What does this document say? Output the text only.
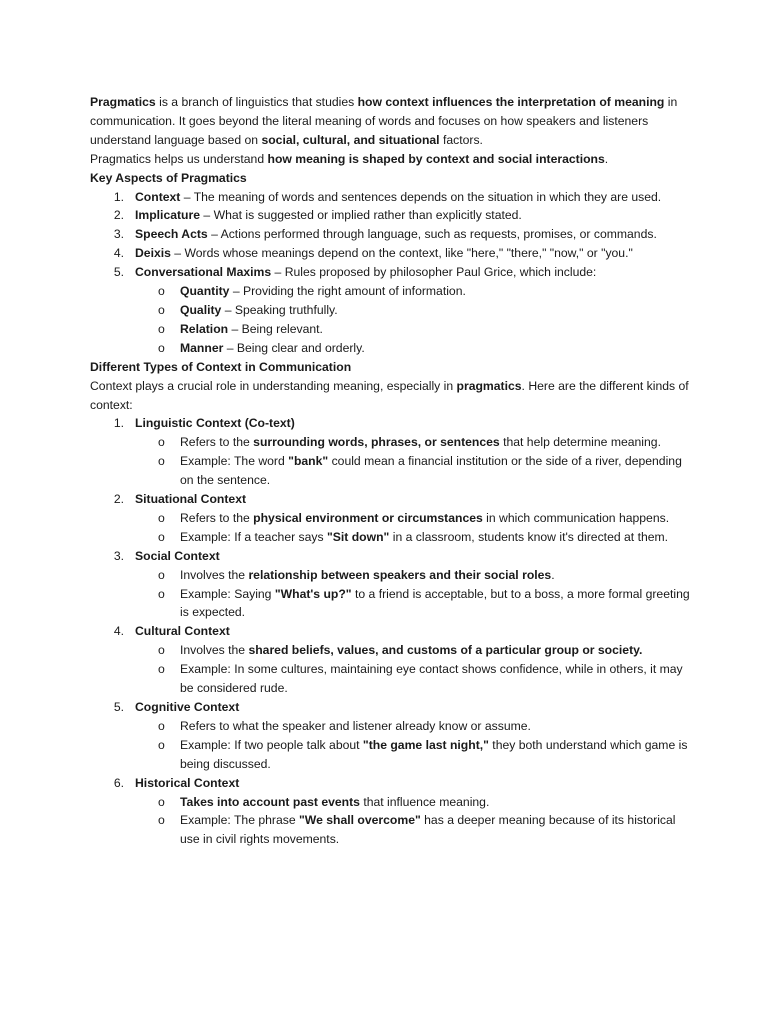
Pragmatics is a branch of linguistics that studies how context influences the interpretation of meaning in communication. It goes beyond the literal meaning of words and focuses on how speakers and listeners understand language based on social, cultural, and situational factors.

Pragmatics helps us understand how meaning is shaped by context and social interactions.

Key Aspects of Pragmatics

1. Context – The meaning of words and sentences depends on the situation in which they are used.
2. Implicature – What is suggested or implied rather than explicitly stated.
3. Speech Acts – Actions performed through language, such as requests, promises, or commands.
4. Deixis – Words whose meanings depend on the context, like "here," "there," "now," or "you."
5. Conversational Maxims – Rules proposed by philosopher Paul Grice, which include:
o Quantity – Providing the right amount of information.
o Quality – Speaking truthfully.
o Relation – Being relevant.
o Manner – Being clear and orderly.

Different Types of Context in Communication

Context plays a crucial role in understanding meaning, especially in pragmatics. Here are the different kinds of context:

1. Linguistic Context (Co-text)
o Refers to the surrounding words, phrases, or sentences that help determine meaning.
o Example: The word "bank" could mean a financial institution or the side of a river, depending on the sentence.
2. Situational Context
o Refers to the physical environment or circumstances in which communication happens.
o Example: If a teacher says "Sit down" in a classroom, students know it's directed at them.
3. Social Context
o Involves the relationship between speakers and their social roles.
o Example: Saying "What's up?" to a friend is acceptable, but to a boss, a more formal greeting is expected.
4. Cultural Context
o Involves the shared beliefs, values, and customs of a particular group or society.
o Example: In some cultures, maintaining eye contact shows confidence, while in others, it may be considered rude.
5. Cognitive Context
o Refers to what the speaker and listener already know or assume.
o Example: If two people talk about "the game last night," they both understand which game is being discussed.
6. Historical Context
o Takes into account past events that influence meaning.
o Example: The phrase "We shall overcome" has a deeper meaning because of its historical use in civil rights movements.
